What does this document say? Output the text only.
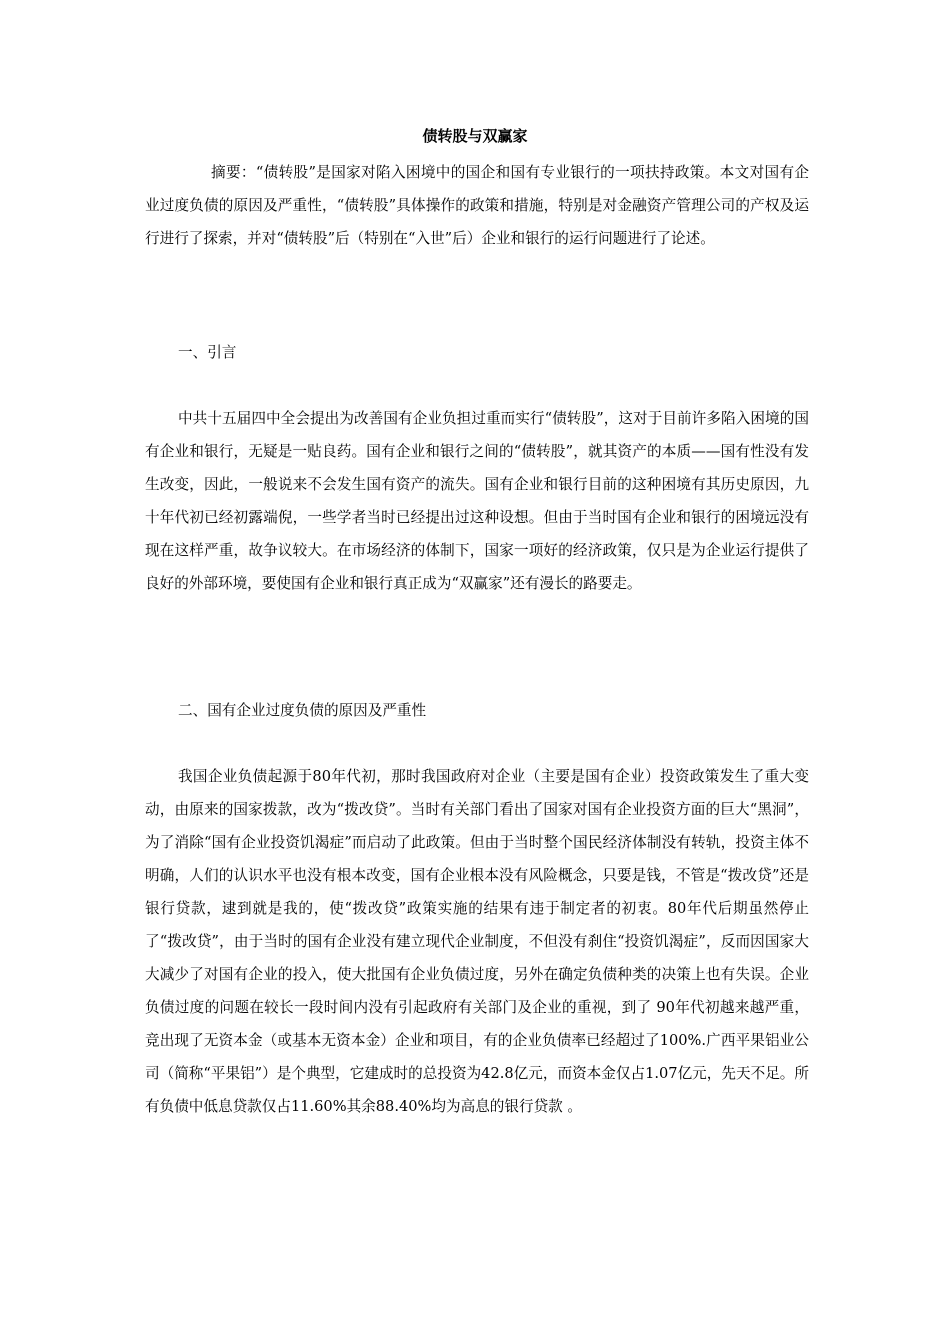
债转股与双赢家

摘要：“债转股”是国家对陷入困境中的国企和国有专业银行的一项扶持政策。本文对国有企业过度负债的原因及严重性，“债转股”具体操作的政策和措施，特别是对金融资产管理公司的产权及运行进行了探索，并对“债转股”后（特别在“入世”后）企业和银行的运行问题进行了论述。

一、引言

中共十五届四中全会提出为改善国有企业负担过重而实行“债转股”，这对于目前许多陷入困境的国有企业和银行，无疑是一贴良药。国有企业和银行之间的“债转股”，就其资产的本质——国有性没有发生改变，因此，一般说来不会发生国有资产的流失。国有企业和银行目前的这种困境有其历史原因，九十年代初已经初露端倪，一些学者当时已经提出过这种设想。但由于当时国有企业和银行的困境远没有现在这样严重，故争议较大。在市场经济的体制下，国家一项好的经济政策，仅只是为企业运行提供了良好的外部环境，要使国有企业和银行真正成为“双赢家”还有漫长的路要走。

二、国有企业过度负债的原因及严重性

我国企业负债起源于80年代初，那时我国政府对企业（主要是国有企业）投资政策发生了重大变动，由原来的国家拨款，改为“拨改贷”。当时有关部门看出了国家对国有企业投资方面的巨大“黑洞”，为了消除“国有企业投资饥渴症”而启动了此政策。但由于当时整个国民经济体制没有转轨，投资主体不明确，人们的认识水平也没有根本改变，国有企业根本没有风险概念，只要是钱，不管是“拨改贷”还是银行贷款，逮到就是我的，使“拨改贷”政策实施的结果有违于制定者的初衷。80年代后期虽然停止了“拨改贷”，由于当时的国有企业没有建立现代企业制度，不但没有刹住“投资饥渴症”，反而因国家大大减少了对国有企业的投入，使大批国有企业负债过度，另外在确定负债种类的决策上也有失误。企业负债过度的问题在较长一段时间内没有引起政府有关部门及企业的重视，到了 90年代初越来越严重，竞出现了无资本金（或基本无资本金）企业和项目，有的企业负债率已经超过了100%.广西平果铝业公司（简称“平果铝”）是个典型，它建成时的总投资为42.8亿元，而资本金仅占1.07亿元，先天不足。所有负债中低息贷款仅占11.60%其余88.40%均为高息的银行贷款 。
